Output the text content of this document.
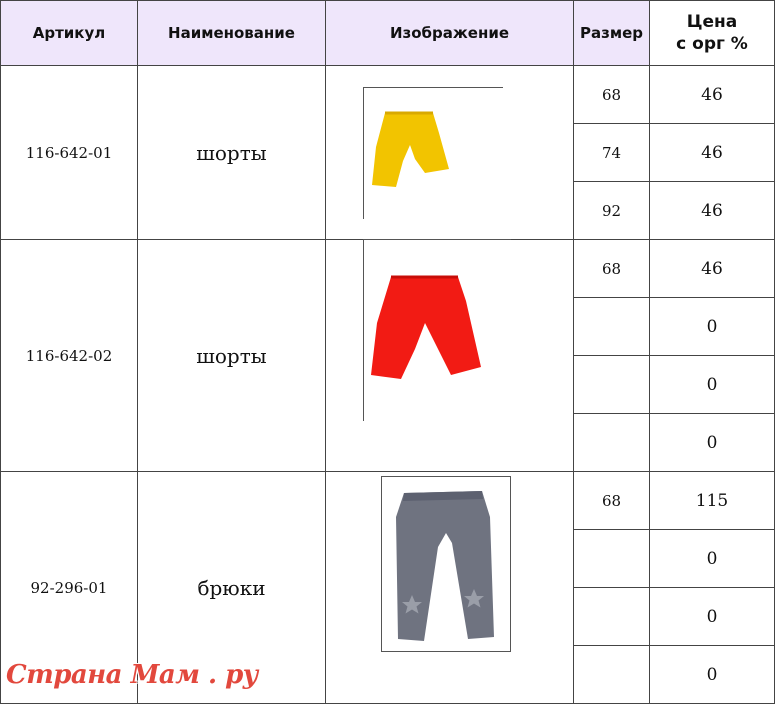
Артикул	Наименование	Изображение	Размер	Цена
с орг %
116-642-01	шорты		68	46
			74	46
			92	46
116-642-02	шорты		68	46
				0
				0
				0
92-296-01	брюки		68	115
				0
				0
				0
Страна Мам . ру
